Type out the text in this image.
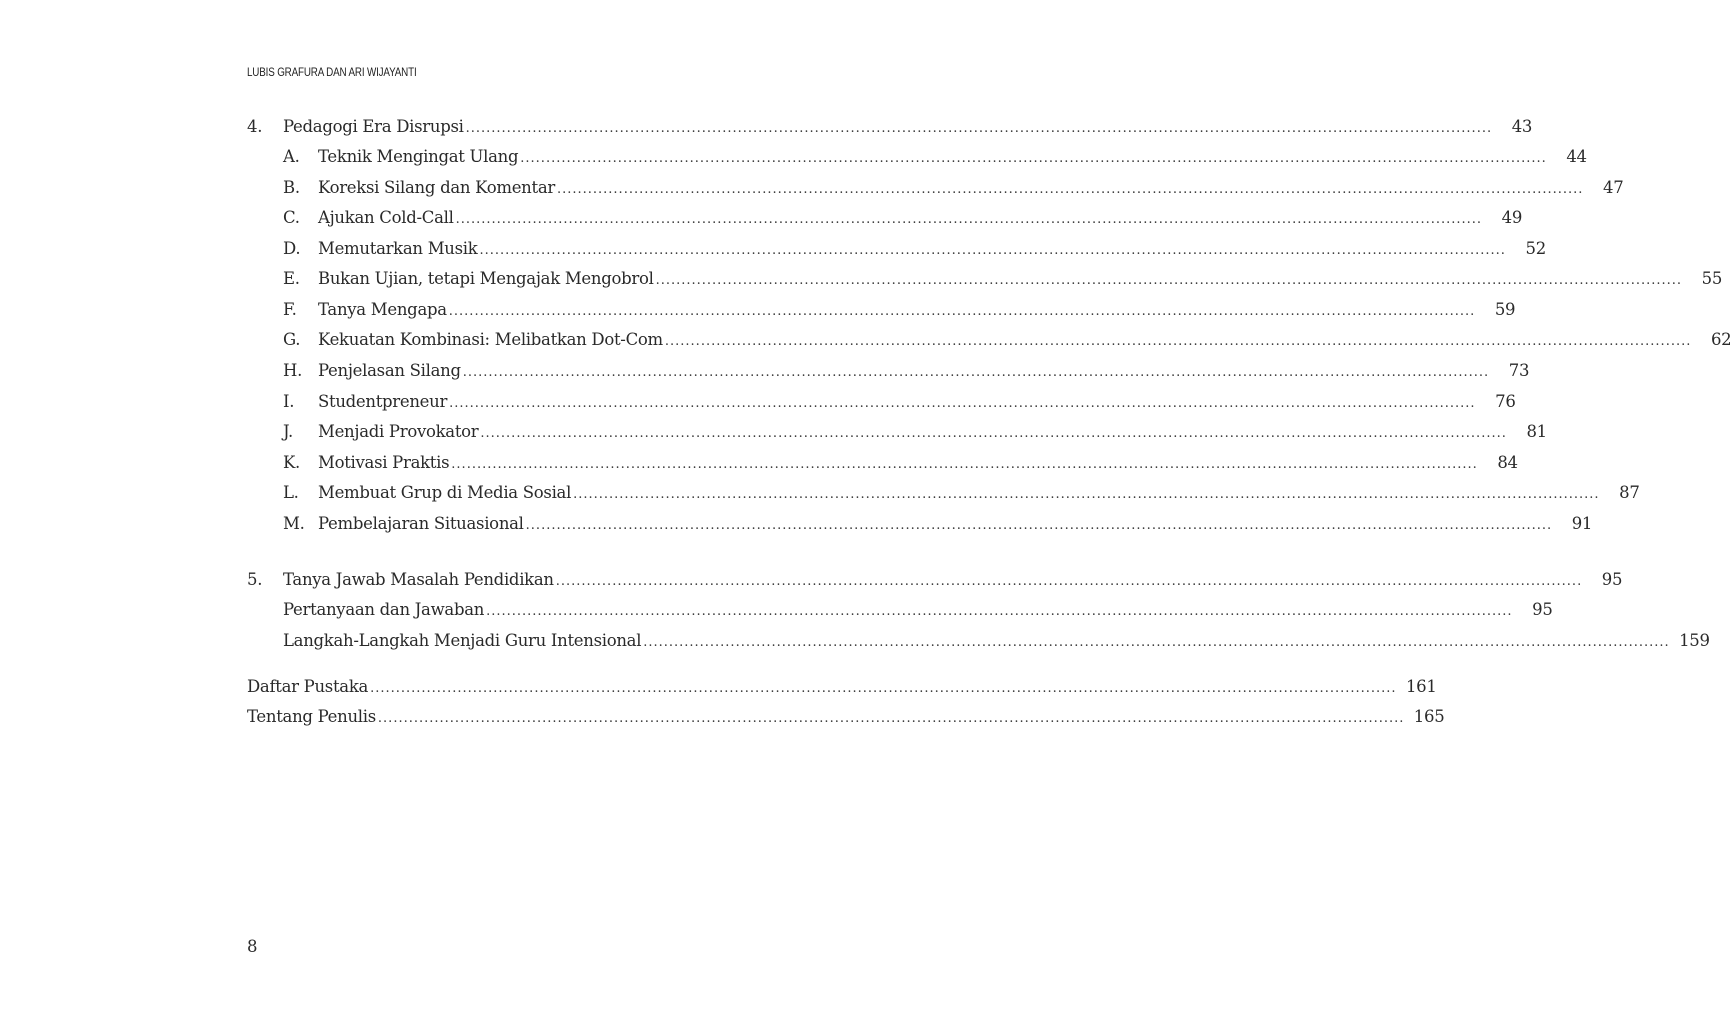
LUBIS GRAFURA DAN ARI WIJAYANTI
4.	Pedagogi Era Disrupsi ........................................................................................................................................................................................................	43
A.	Teknik Mengingat Ulang ........................................................................................................................................................................................................	44
B.	Koreksi Silang dan Komentar ........................................................................................................................................................................................................	47
C.	Ajukan Cold-Call ........................................................................................................................................................................................................	49
D.	Memutarkan Musik ........................................................................................................................................................................................................	52
E.	Bukan Ujian, tetapi Mengajak Mengobrol ........................................................................................................................................................................................................	55
F.	Tanya Mengapa ........................................................................................................................................................................................................	59
G.	Kekuatan Kombinasi: Melibatkan Dot-Com ........................................................................................................................................................................................................	62
H. Penjelasan Silang ........................................................................................................................................................................................................	73
I.	Studentpreneur ........................................................................................................................................................................................................	76
J.	Menjadi Provokator ........................................................................................................................................................................................................	81
K.	Motivasi Praktis ........................................................................................................................................................................................................	84
L.	Membuat Grup di Media Sosial ........................................................................................................................................................................................................	87
M. Pembelajaran Situasional ........................................................................................................................................................................................................	91
5.	Tanya Jawab Masalah Pendidikan ........................................................................................................................................................................................................	95
Pertanyaan dan Jawaban ........................................................................................................................................................................................................	95
Langkah-Langkah Menjadi Guru Intensional ........................................................................................................................................................................................................ 159
Daftar Pustaka ........................................................................................................................................................................................................ 161
Tentang Penulis ........................................................................................................................................................................................................ 165
8
